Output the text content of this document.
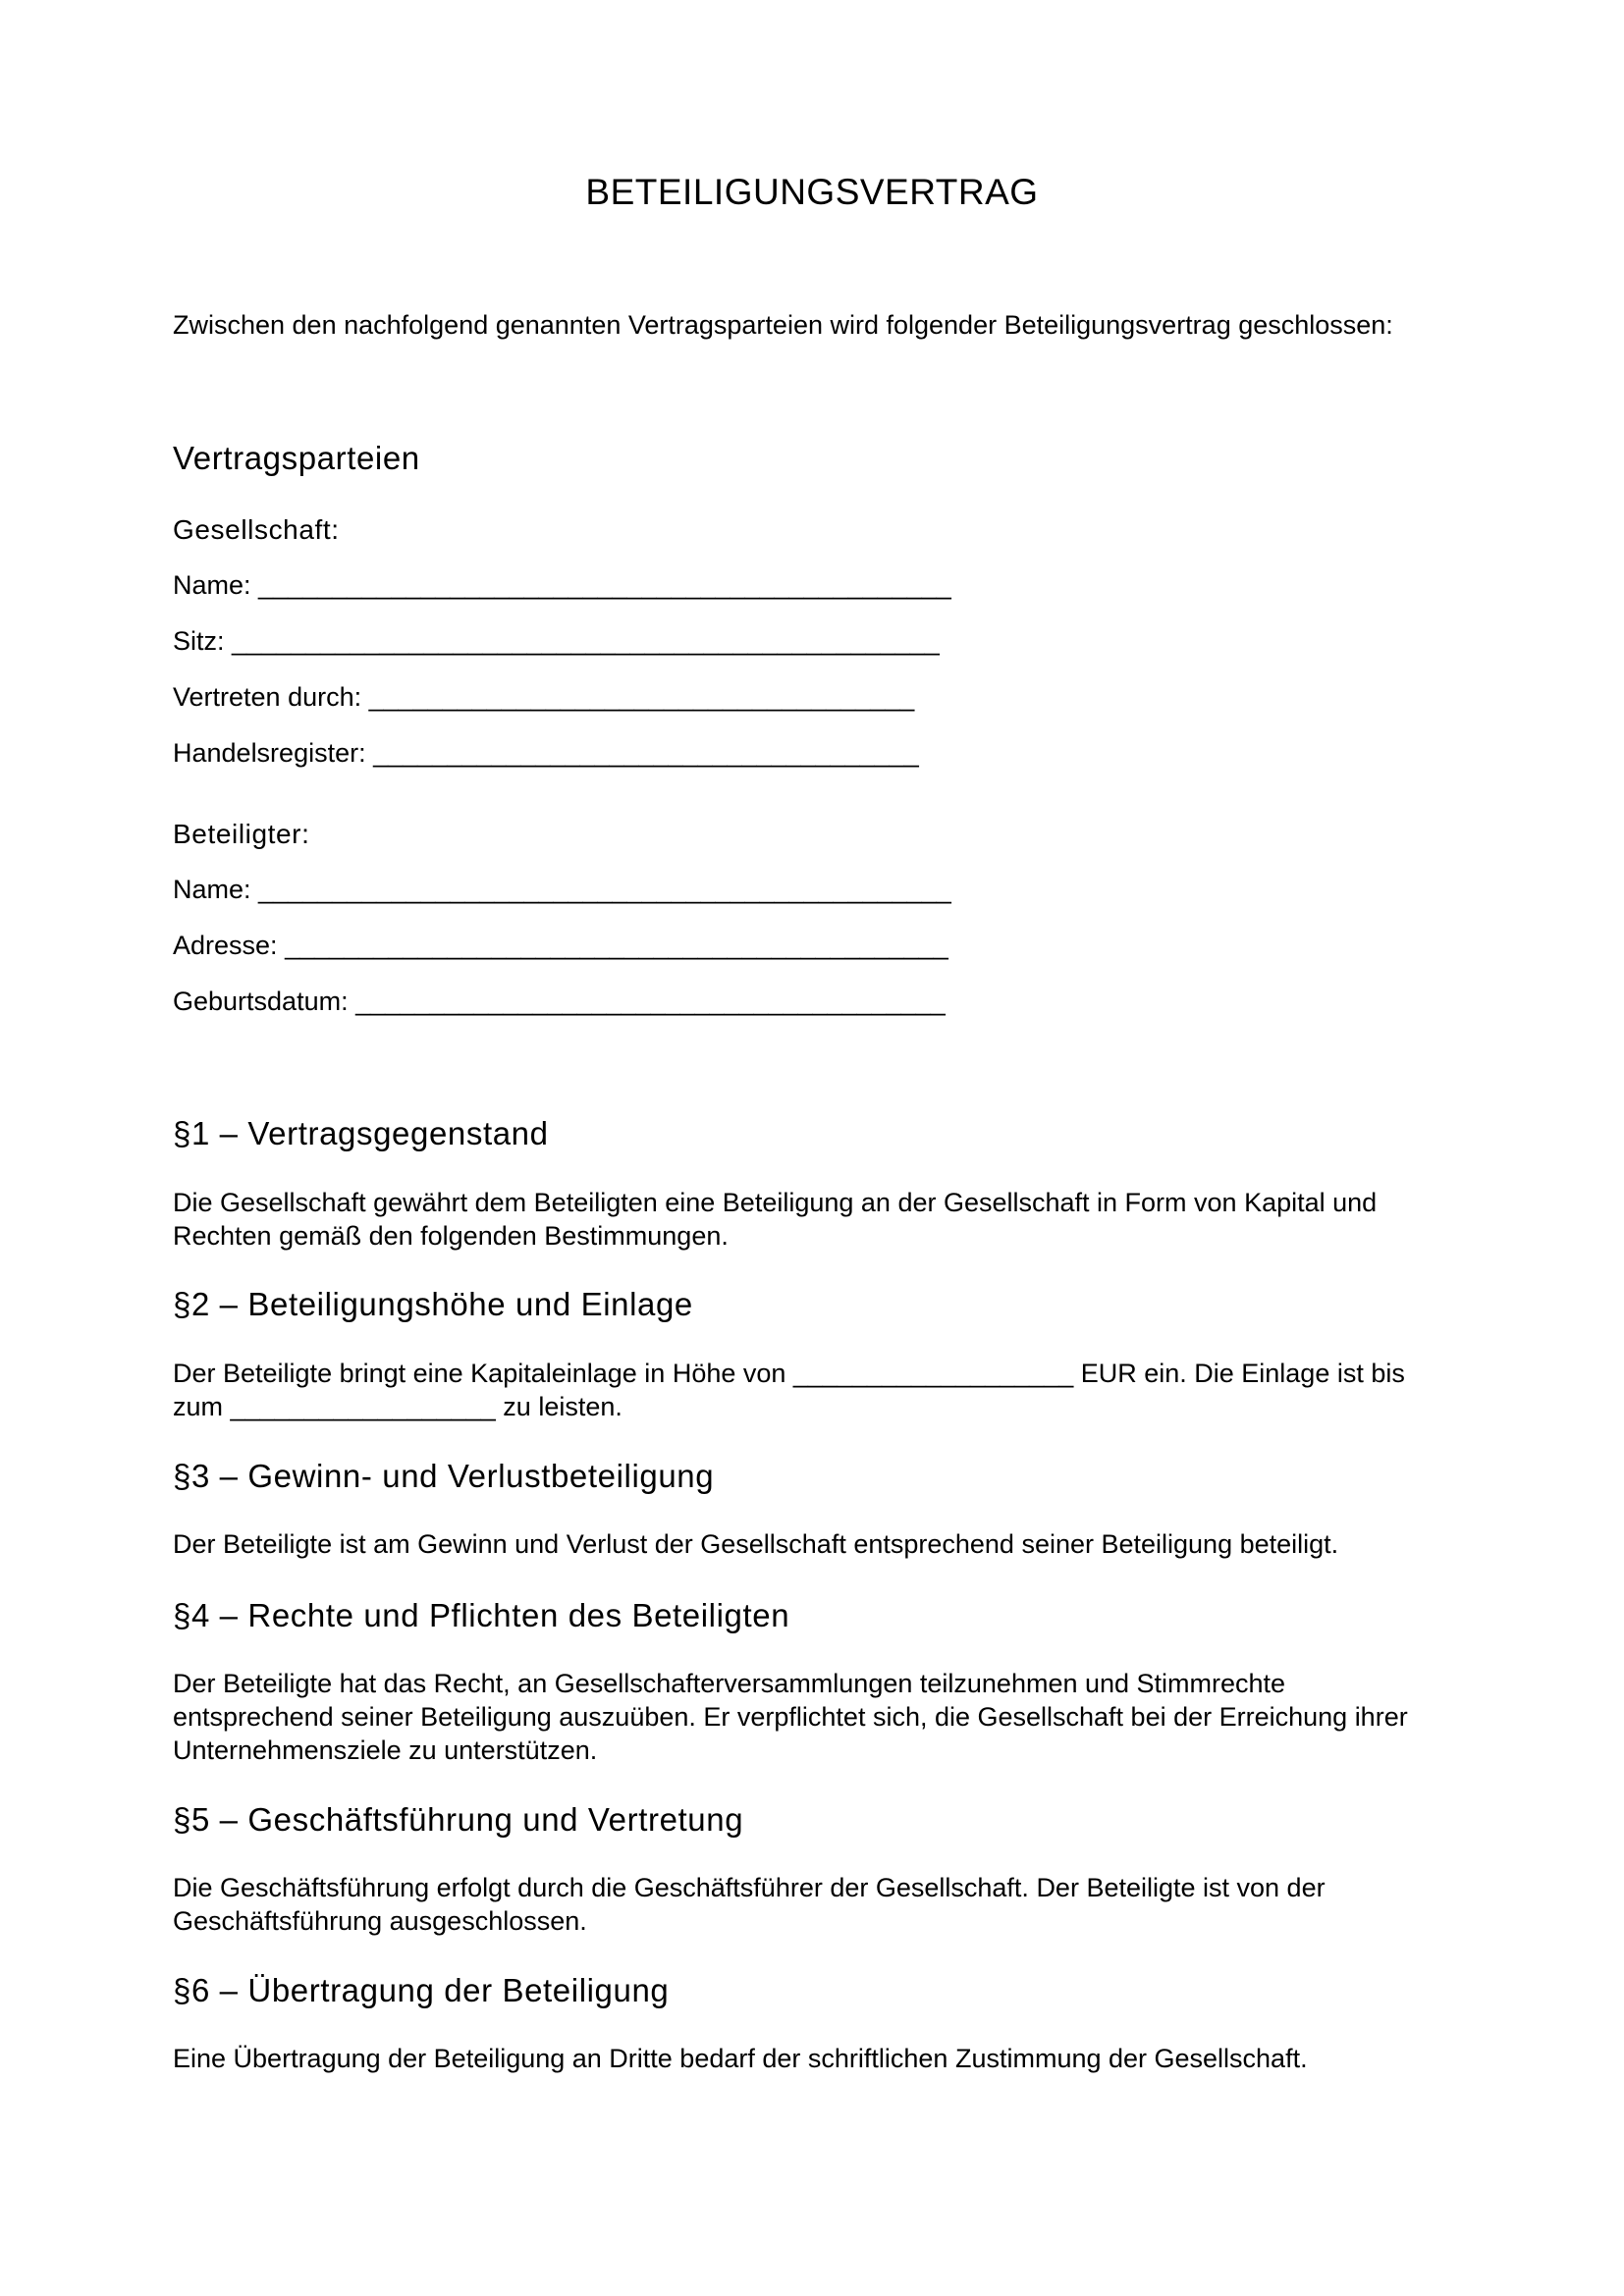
BETEILIGUNGSVERTRAG

Zwischen den nachfolgend genannten Vertragsparteien wird folgender Beteiligungsvertrag geschlossen:

Vertragsparteien

Gesellschaft:

Name: _______________________________________________

Sitz: ________________________________________________

Vertreten durch: _____________________________________

Handelsregister: _____________________________________

Beteiligter:

Name: _______________________________________________

Adresse: _____________________________________________

Geburtsdatum: ________________________________________

§1 – Vertragsgegenstand

Die Gesellschaft gewährt dem Beteiligten eine Beteiligung an der Gesellschaft in Form von Kapital und
Rechten gemäß den folgenden Bestimmungen.

§2 – Beteiligungshöhe und Einlage

Der Beteiligte bringt eine Kapitaleinlage in Höhe von ___________________ EUR ein. Die Einlage ist bis
zum __________________ zu leisten.

§3 – Gewinn- und Verlustbeteiligung

Der Beteiligte ist am Gewinn und Verlust der Gesellschaft entsprechend seiner Beteiligung beteiligt.

§4 – Rechte und Pflichten des Beteiligten

Der Beteiligte hat das Recht, an Gesellschafterversammlungen teilzunehmen und Stimmrechte
entsprechend seiner Beteiligung auszuüben. Er verpflichtet sich, die Gesellschaft bei der Erreichung ihrer
Unternehmensziele zu unterstützen.

§5 – Geschäftsführung und Vertretung

Die Geschäftsführung erfolgt durch die Geschäftsführer der Gesellschaft. Der Beteiligte ist von der
Geschäftsführung ausgeschlossen.

§6 – Übertragung der Beteiligung

Eine Übertragung der Beteiligung an Dritte bedarf der schriftlichen Zustimmung der Gesellschaft.
